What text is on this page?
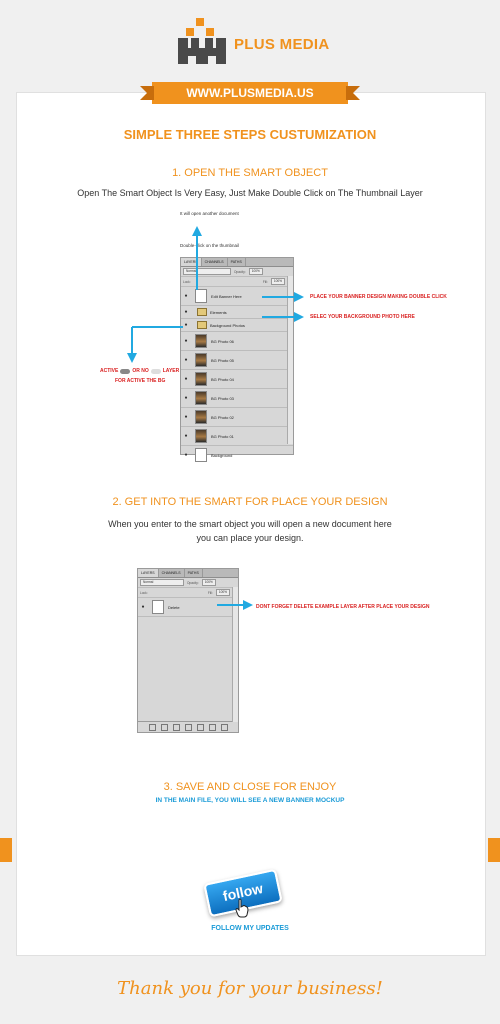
PLUS MEDIA
WWW.PLUSMEDIA.US
SIMPLE THREE STEPS CUSTUMIZATION
1. OPEN THE SMART OBJECT
Open The Smart Object Is Very Easy, Just Make Double Click on The Thumbnail Layer
It will open another document
Double-click on the thumbnail
LAYERS	CHANNELS	PATHS
Normal	Opacity:	100%
Lock:	Fill:	100%
●	Edit Banner Here
●	Elements
●	Background Photos
●	BG Photo 06
●	BG Photo 05
●	BG Photo 04
●	BG Photo 03
●	BG Photo 02
●	BG Photo 01
●	Background
PLACE YOUR BANNER DESIGN MAKING DOUBLE CLICK
SELEC YOUR BACKGROUND PHOTO HERE
ACTIVE	OR NO	LAYER
FOR ACTIVE THE BG
2. GET INTO THE SMART FOR PLACE YOUR DESIGN
When you enter to the smart object you will open a new document here
you can place your design.
LAYERS	CHANNELS	PATHS
Normal	Opacity:	100%
Lock:	Fill:	100%
●	Delete	DONT FORGET DELETE EXAMPLE LAYER AFTER PLACE YOUR DESIGN
3. SAVE AND CLOSE FOR ENJOY
IN THE MAIN FILE, YOU WILL SEE A NEW BANNER MOCKUP
follow
FOLLOW MY UPDATES
Thank you for your business!
